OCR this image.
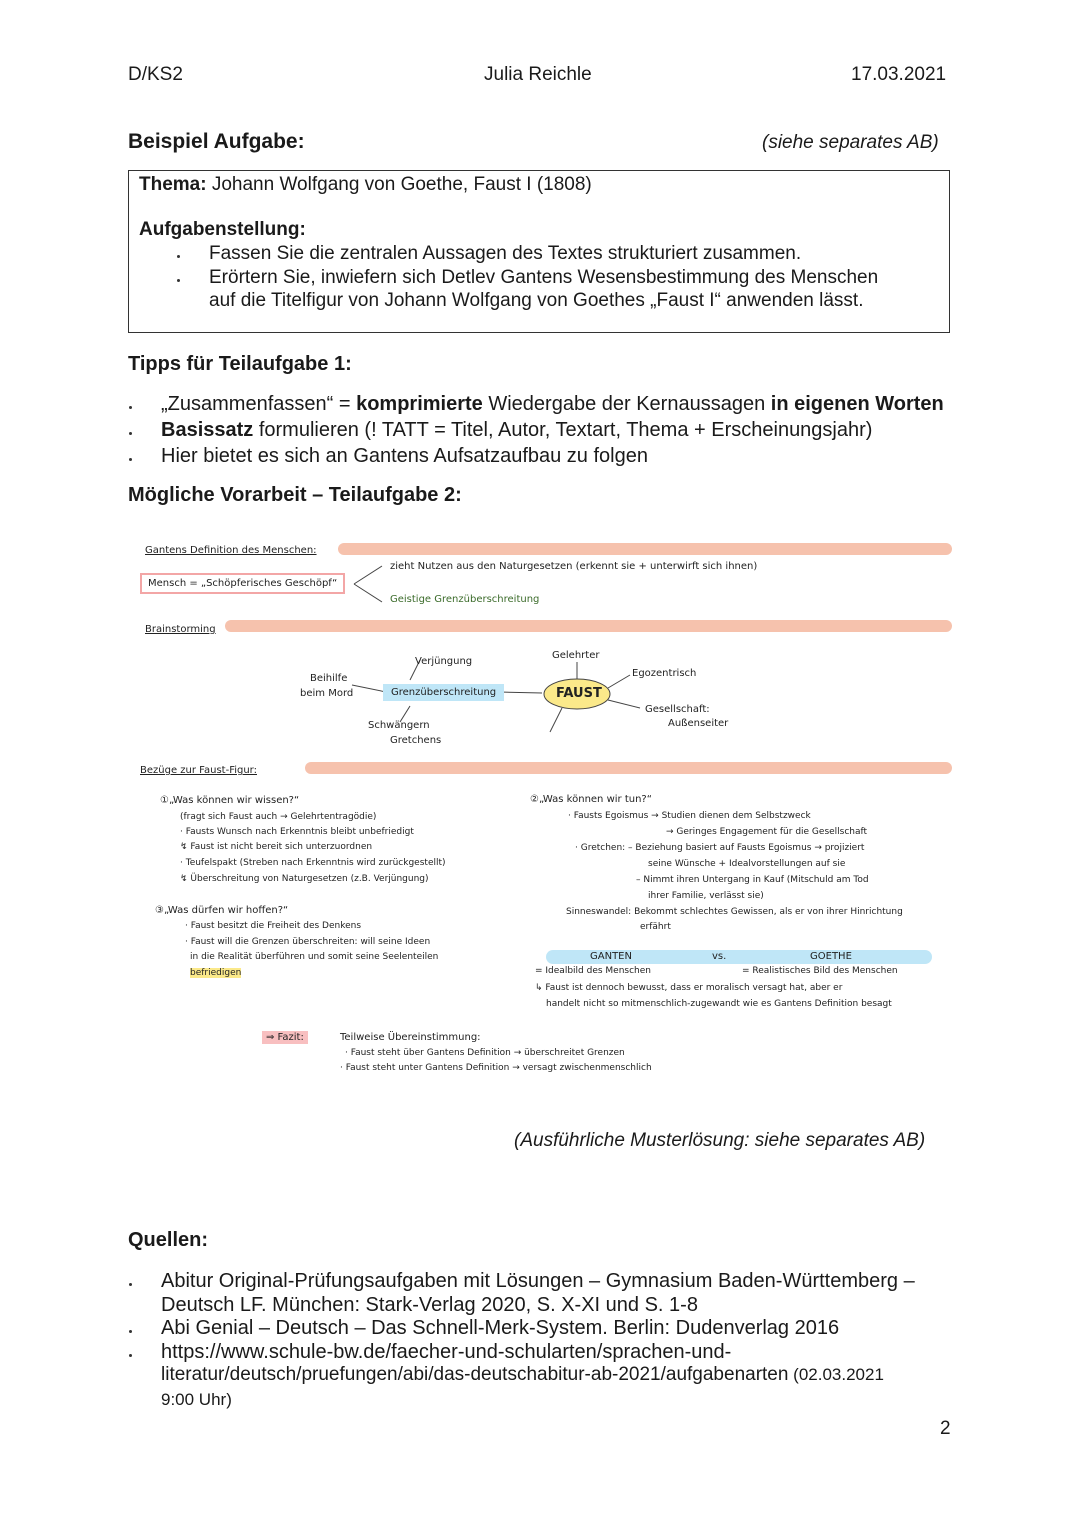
D/KS2	Julia Reichle	17.03.2021
Beispiel Aufgabe:	(siehe separates AB)
Thema: Johann Wolfgang von Goethe, Faust I (1808)
Aufgabenstellung:
Fassen Sie die zentralen Aussagen des Textes strukturiert zusammen.
Erörtern Sie, inwiefern sich Detlev Gantens Wesensbestimmung des Menschen
auf die Titelfigur von Johann Wolfgang von Goethes „Faust I“ anwenden lässt.
Tipps für Teilaufgabe 1:
„Zusammenfassen“ = komprimierte Wiedergabe der Kernaussagen in eigenen Worten
Basissatz formulieren (! TATT = Titel, Autor, Textart, Thema + Erscheinungsjahr)
Hier bietet es sich an Gantens Aufsatzaufbau zu folgen
Mögliche Vorarbeit – Teilaufgabe 2:
Gantens Definition des Menschen:
Mensch = „Schöpferisches Geschöpf“
zieht Nutzen aus den Naturgesetzen (erkennt sie + unterwirft sich ihnen)
Geistige Grenzüberschreitung
Brainstorming
FAUST
Gelehrter
Egozentrisch
Gesellschaft:
Außenseiter
Grenzüberschreitung
Verjüngung
Beihilfe
beim Mord
Schwängern
Gretchens
Bezüge zur Faust-Figur:
①„Was können wir wissen?“
(fragt sich Faust auch → Gelehrtentragödie)
· Fausts Wunsch nach Erkenntnis bleibt unbefriedigt
↯ Faust ist nicht bereit sich unterzuordnen
· Teufelspakt (Streben nach Erkenntnis wird zurückgestellt)
↯ Überschreitung von Naturgesetzen (z.B. Verjüngung)
③„Was dürfen wir hoffen?“
· Faust besitzt die Freiheit des Denkens
· Faust will die Grenzen überschreiten: will seine Ideen
in die Realität überführen und somit seine Seelenteilen
befriedigen
②„Was können wir tun?“
· Fausts Egoismus → Studien dienen dem Selbstzweck
→ Geringes Engagement für die Gesellschaft
· Gretchen: – Beziehung basiert auf Fausts Egoismus → projiziert
seine Wünsche + Idealvorstellungen auf sie
– Nimmt ihren Untergang in Kauf (Mitschuld am Tod
ihrer Familie, verlässt sie)
Sinneswandel: Bekommt schlechtes Gewissen, als er von ihrer Hinrichtung
erfährt
GANTEN	vs.	GOETHE
= Idealbild des Menschen	= Realistisches Bild des Menschen
↳ Faust ist dennoch bewusst, dass er moralisch versagt hat, aber er
handelt nicht so mitmenschlich-zugewandt wie es Gantens Definition besagt
⇒ Fazit:	Teilweise Übereinstimmung:
· Faust steht über Gantens Definition → überschreitet Grenzen
· Faust steht unter Gantens Definition → versagt zwischenmenschlich
(Ausführliche Musterlösung: siehe separates AB)
Quellen:
Abitur Original-Prüfungsaufgaben mit Lösungen – Gymnasium Baden-Württemberg –
Deutsch LF. München: Stark-Verlag 2020, S. X-XI und S. 1-8
Abi Genial – Deutsch – Das Schnell-Merk-System. Berlin: Dudenverlag 2016
https://www.schule-bw.de/faecher-und-schularten/sprachen-und-
literatur/deutsch/pruefungen/abi/das-deutschabitur-ab-2021/aufgabenarten (02.03.2021
9:00 Uhr)
2
